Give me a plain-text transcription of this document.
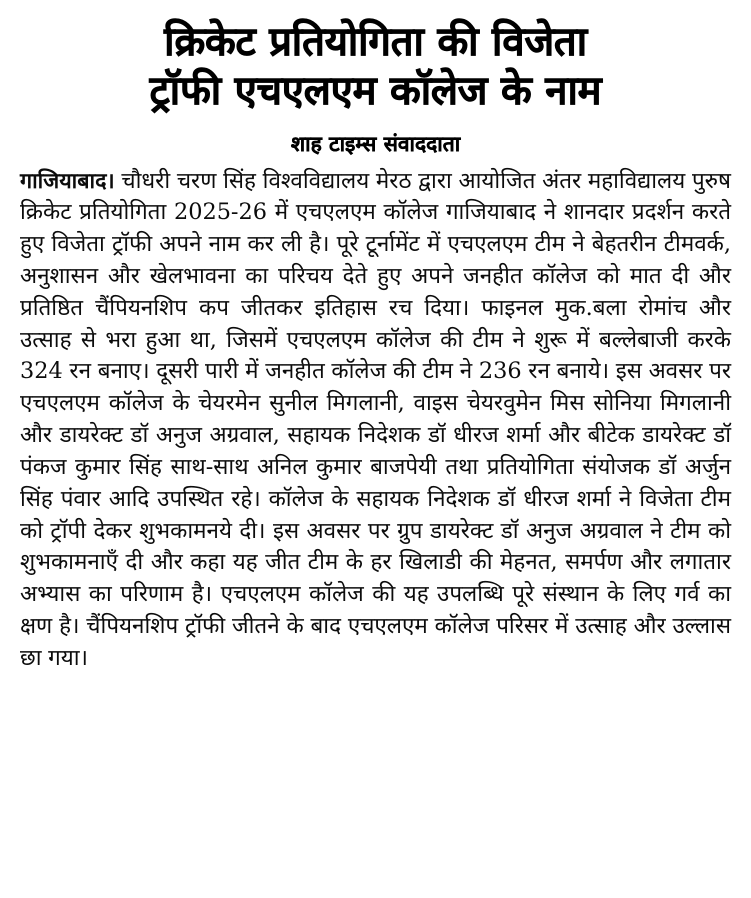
क्रिकेट प्रतियोगिता की विजेता
ट्रॉफी एचएलएम कॉलेज के नाम
शाह टाइम्स संवाददाता
गाजियाबाद। चौधरी चरण सिंह विश्वविद्यालय मेरठ द्वारा आयोजित अंतर महाविद्यालय पुरुष क्रिकेट प्रतियोगिता 2025-26 में एचएलएम कॉलेज गाजियाबाद ने शानदार प्रदर्शन करते हुए विजेता ट्रॉफी अपने नाम कर ली है। पूरे टूर्नामेंट में एचएलएम टीम ने बेहतरीन टीमवर्क, अनुशासन और खेलभावना का परिचय देते हुए अपने जनहीत कॉलेज को मात दी और प्रतिष्ठित चैंपियनशिप कप जीतकर इतिहास रच दिया। फाइनल मुक.बला रोमांच और उत्साह से भरा हुआ था, जिसमें एचएलएम कॉलेज की टीम ने शुरू में बल्लेबाजी करके 324 रन बनाए। दूसरी पारी में जनहीत कॉलेज की टीम ने 236 रन बनाये। इस अवसर पर एचएलएम कॉलेज के चेयरमेन सुनील मिगलानी, वाइस चेयरवुमेन मिस सोनिया मिगलानी और डायरेक्ट डॉ अनुज अग्रवाल, सहायक निदेशक डॉ धीरज शर्मा और बीटेक डायरेक्ट डॉ पंकज कुमार सिंह साथ-साथ अनिल कुमार बाजपेयी तथा प्रतियोगिता संयोजक डॉ अर्जुन सिंह पंवार आदि उपस्थित रहे। कॉलेज के सहायक निदेशक डॉ धीरज शर्मा ने विजेता टीम को ट्रॉपी देकर शुभकामनये दी। इस अवसर पर ग्रुप डायरेक्ट डॉ अनुज अग्रवाल ने टीम को शुभकामनाएँ दी और कहा यह जीत टीम के हर खिलाडी की मेहनत, समर्पण और लगातार अभ्यास का परिणाम है। एचएलएम कॉलेज की यह उपलब्धि पूरे संस्थान के लिए गर्व का क्षण है। चैंपियनशिप ट्रॉफी जीतने के बाद एचएलएम कॉलेज परिसर में उत्साह और उल्लास छा गया।
